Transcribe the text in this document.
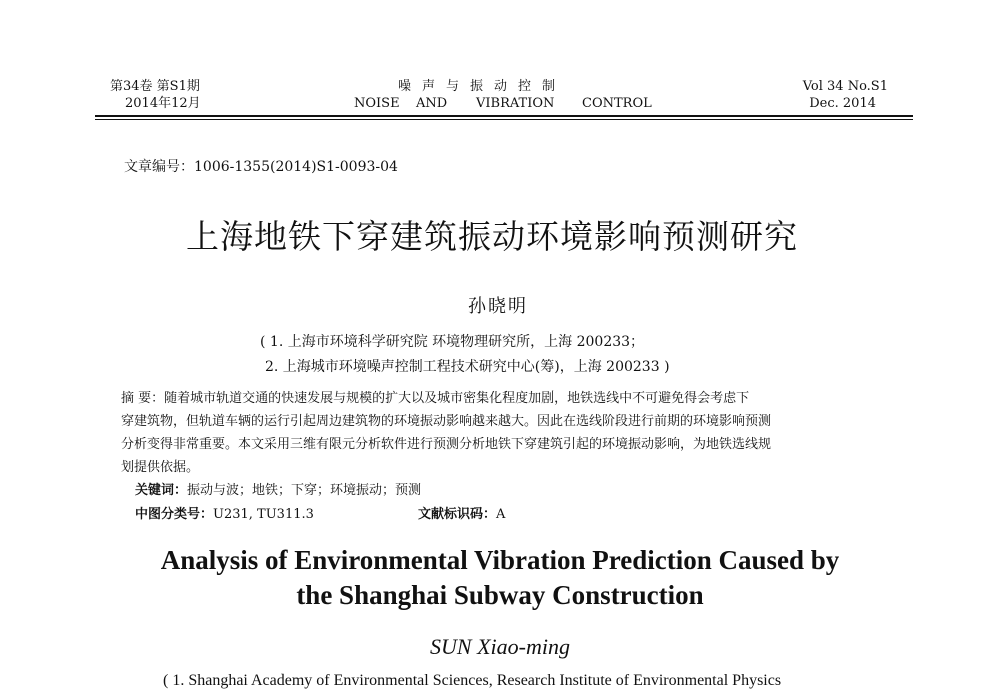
第34卷 第S1期
2014年12月
噪声与振动控制
NOISE AND VIBRATION CONTROL
Vol 34 No.S1
Dec. 2014
文章编号：1006-1355(2014)S1-0093-04
上海地铁下穿建筑振动环境影响预测研究
孙晓明
( 1. 上海市环境科学研究院 环境物理研究所，上海 200233；
2. 上海城市环境噪声控制工程技术研究中心(筹)，上海 200233 )
摘 要：随着城市轨道交通的快速发展与规模的扩大以及城市密集化程度加剧，地铁选线中不可避免得会考虑下
穿建筑物，但轨道车辆的运行引起周边建筑物的环境振动影响越来越大。因此在选线阶段进行前期的环境影响预测
分析变得非常重要。本文采用三维有限元分析软件进行预测分析地铁下穿建筑引起的环境振动影响，为地铁选线规
划提供依据。
关键词：振动与波；地铁；下穿；环境振动；预测
中图分类号：U231, TU311.3	文献标识码：A
Analysis of Environmental Vibration Prediction Caused by
the Shanghai Subway Construction
SUN Xiao-ming
( 1. Shanghai Academy of Environmental Sciences, Research Institute of Environmental Physics
